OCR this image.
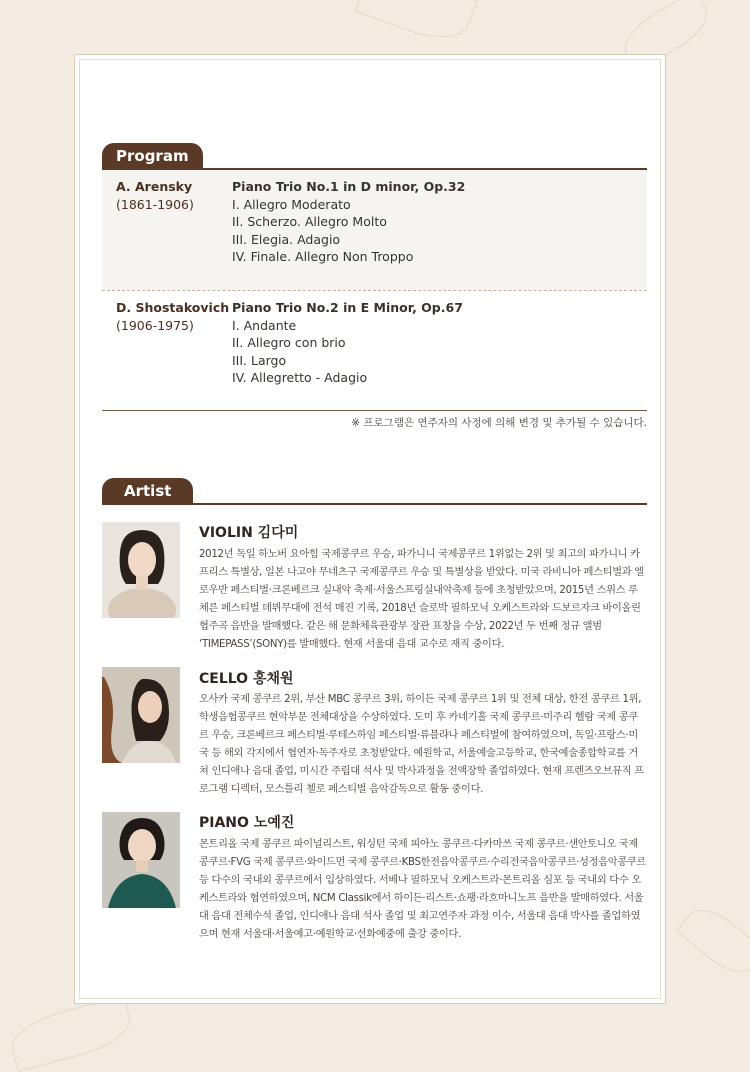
Program
A. Arensky
(1861-1906)
Piano Trio No.1 in D minor, Op.32
I. Allegro Moderato
II. Scherzo. Allegro Molto
III. Elegia. Adagio
IV. Finale. Allegro Non Troppo
D. Shostakovich
(1906-1975)
Piano Trio No.2 in E Minor, Op.67
I. Andante
II. Allegro con brio
III. Largo
IV. Allegretto - Adagio
※ 프로그램은 연주자의 사정에 의해 변경 및 추가될 수 있습니다.
Artist
VIOLIN 김다미
2012년 독일 하노버 요아힘 국제콩쿠르 우승, 파가니니 국제콩쿠르 1위없는 2위 및 최고의 파가니니 카프리스 특별상, 일본 나고야 무네츠구 국제콩쿠르 우승 및 특별상을 받았다. 미국 라비니아 페스티벌과 엘로우반 페스티벌·크론베르크 실내악 축제·서울스프링실내악축제 등에 초청받았으며, 2015년 스위스 루체른 페스티벌 데뷔무대에 전석 매진 기록, 2018년 슬로박 필하모닉 오케스트라와 드보르자크 바이올린 협주곡 음반을 발매했다. 같은 해 문화체육관광부 장관 표창을 수상, 2022년 두 번째 정규 앨범 ‘TIMEPASS’(SONY)를 발매했다. 현재 서울대 음대 교수로 재직 중이다.
CELLO 홍채원
오사카 국제 콩쿠르 2위, 부산 MBC 콩쿠르 3위, 하이든 국제 콩쿠르 1위 및 전체 대상, 한전 콩쿠르 1위, 학생음협콩쿠르 현악부문 전체대상을 수상하였다. 도미 후 카네기홀 국제 콩쿠르·미주리 헬람 국제 콩쿠르 우승, 크론베르크 페스티벌·루테스하임 페스티벌·류블랴나 페스티벌에 참여하였으며, 독일·프랑스·미국 등 해외 각지에서 협연자·독주자로 초청받았다. 예원학교, 서울예술고등학교, 한국예술종합학교를 거쳐 인디애나 음대 졸업, 미시간 주립대 석사 및 박사과정을 전액장학 졸업하였다. 현재 프렌즈오브뮤직 프로그램 디렉터, 모스틀리 첼로 페스티벌 음악감독으로 활동 중이다.
PIANO 노예진
몬트리올 국제 콩쿠르 파이널리스트, 워싱턴 국제 피아노 콩쿠르·다카마쓰 국제 콩쿠르·샌안토니오 국제 콩쿠르·FVG 국제 콩쿠르·와이드먼 국제 콩쿠르·KBS한전음악콩쿠르·수리전국음악콩쿠르·성정음악콩쿠르 등 다수의 국내외 콩쿠르에서 입상하였다. 서베나 필하모닉 오케스트라·몬트리올 심포 등 국내외 다수 오케스트라와 협연하였으며, NCM Classik에서 하이든·리스트·쇼팽·라흐마니노프 음반을 발매하였다. 서울대 음대 전체수석 졸업, 인디애나 음대 석사 졸업 및 최고연주자 과정 이수, 서울대 음대 박사를 졸업하였으며 현재 서울대·서울예고·예원학교·선화예중에 출강 중이다.
